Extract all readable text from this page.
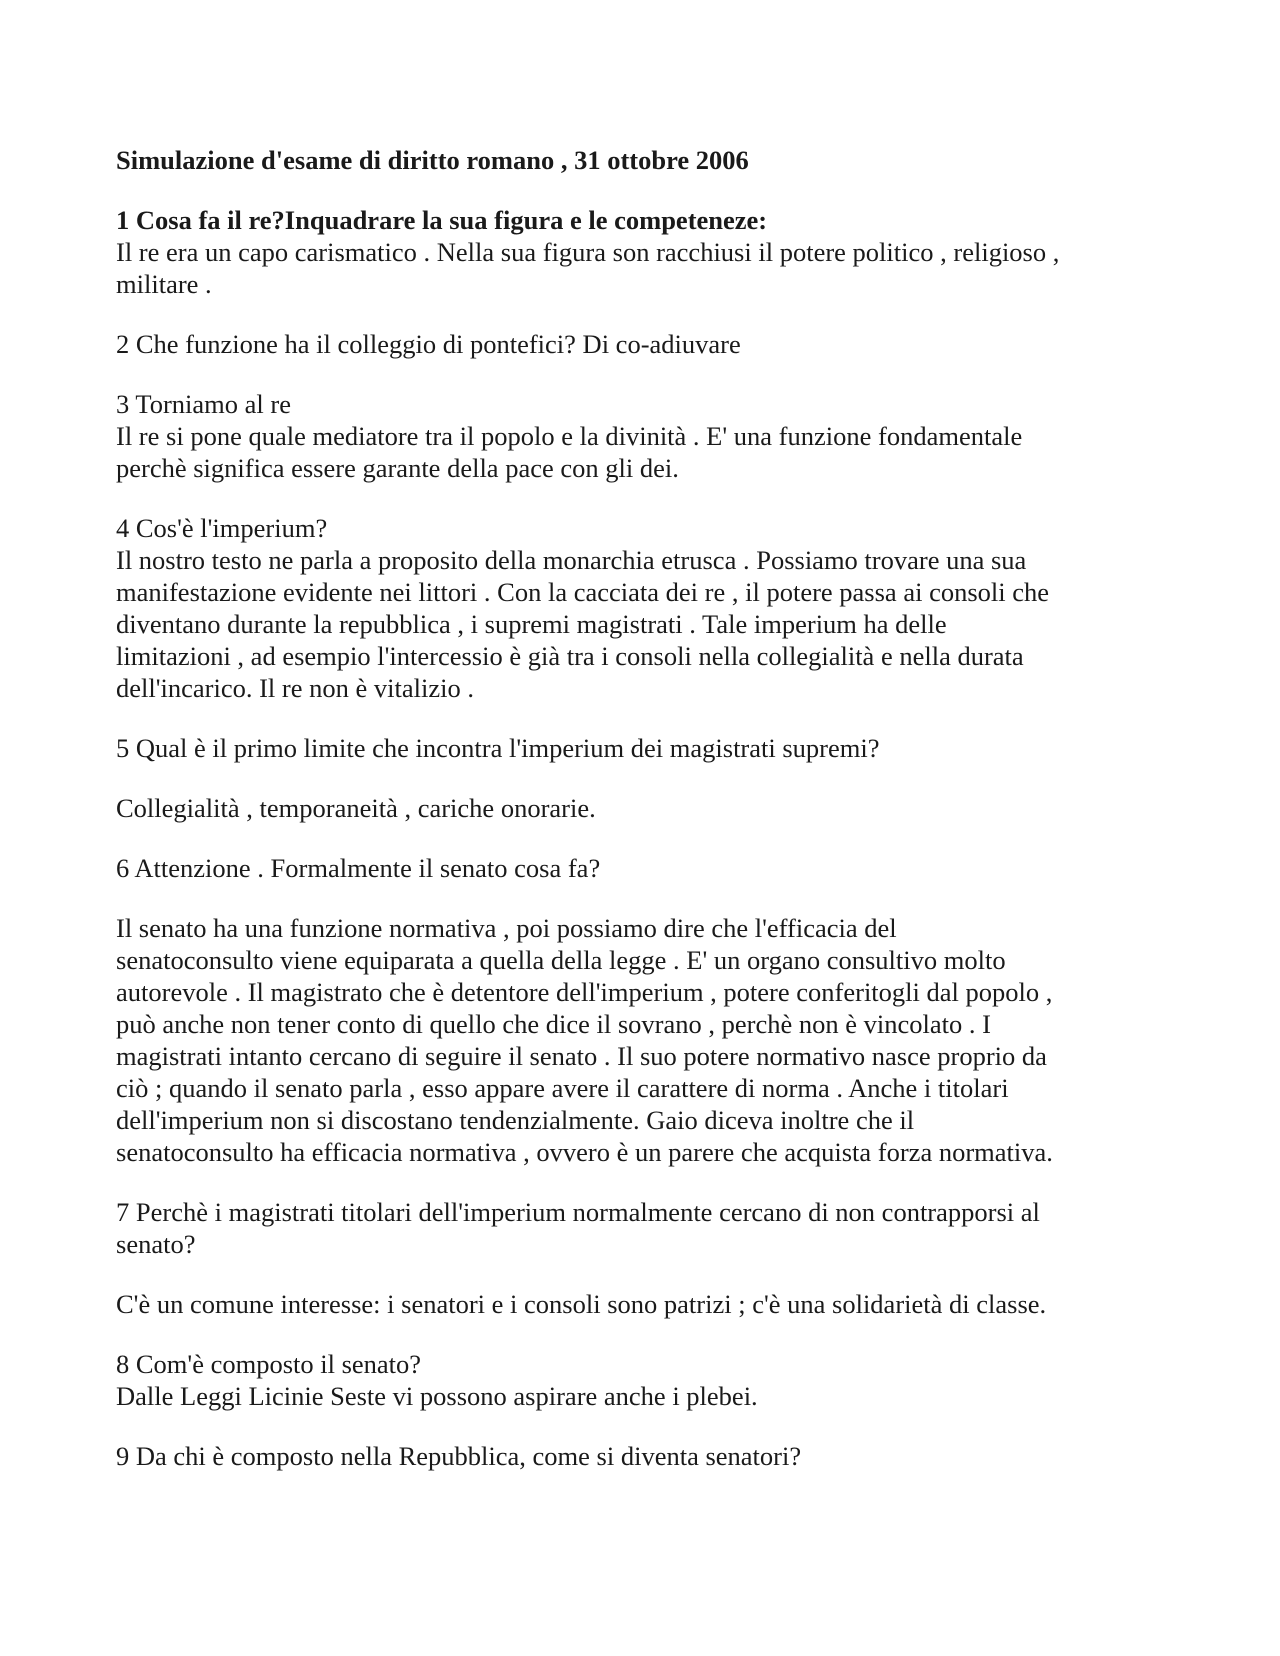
Simulazione d'esame di diritto romano , 31 ottobre 2006

1 Cosa fa il re?Inquadrare la sua figura e le competeneze:

Il re era un capo carismatico . Nella sua figura son racchiusi il potere politico , religioso ,

militare .

2 Che funzione ha il colleggio di pontefici? Di co-adiuvare

3 Torniamo al re

Il re si pone quale mediatore tra il popolo e la divinità . E' una funzione fondamentale

perchè significa essere garante della pace con gli dei.

4 Cos'è l'imperium?

Il nostro testo ne parla a proposito della monarchia etrusca . Possiamo trovare una sua

manifestazione evidente nei littori . Con la cacciata dei re , il potere passa ai consoli che

diventano durante la repubblica , i supremi magistrati . Tale imperium ha delle

limitazioni , ad esempio l'intercessio è già tra i consoli nella collegialità e nella durata

dell'incarico. Il re non è vitalizio .

5 Qual è il primo limite che incontra l'imperium dei magistrati supremi?

Collegialità , temporaneità , cariche onorarie.

6 Attenzione . Formalmente il senato cosa fa?

Il senato ha una funzione normativa , poi possiamo dire che l'efficacia del

senatoconsulto viene equiparata a quella della legge . E' un organo consultivo molto

autorevole . Il magistrato che è detentore dell'imperium , potere conferitogli dal popolo ,

può anche non tener conto di quello che dice il sovrano , perchè non è vincolato . I

magistrati intanto cercano di seguire il senato . Il suo potere normativo nasce proprio da

ciò ; quando il senato parla , esso appare avere il carattere di norma . Anche i titolari

dell'imperium non si discostano tendenzialmente. Gaio diceva inoltre che il

senatoconsulto ha efficacia normativa , ovvero è un parere che acquista forza normativa.

7 Perchè i magistrati titolari dell'imperium normalmente cercano di non contrapporsi al

senato?

C'è un comune interesse: i senatori e i consoli sono patrizi ; c'è una solidarietà di classe.

8 Com'è composto il senato?

Dalle Leggi Licinie Seste vi possono aspirare anche i plebei.

9 Da chi è composto nella Repubblica, come si diventa senatori?
